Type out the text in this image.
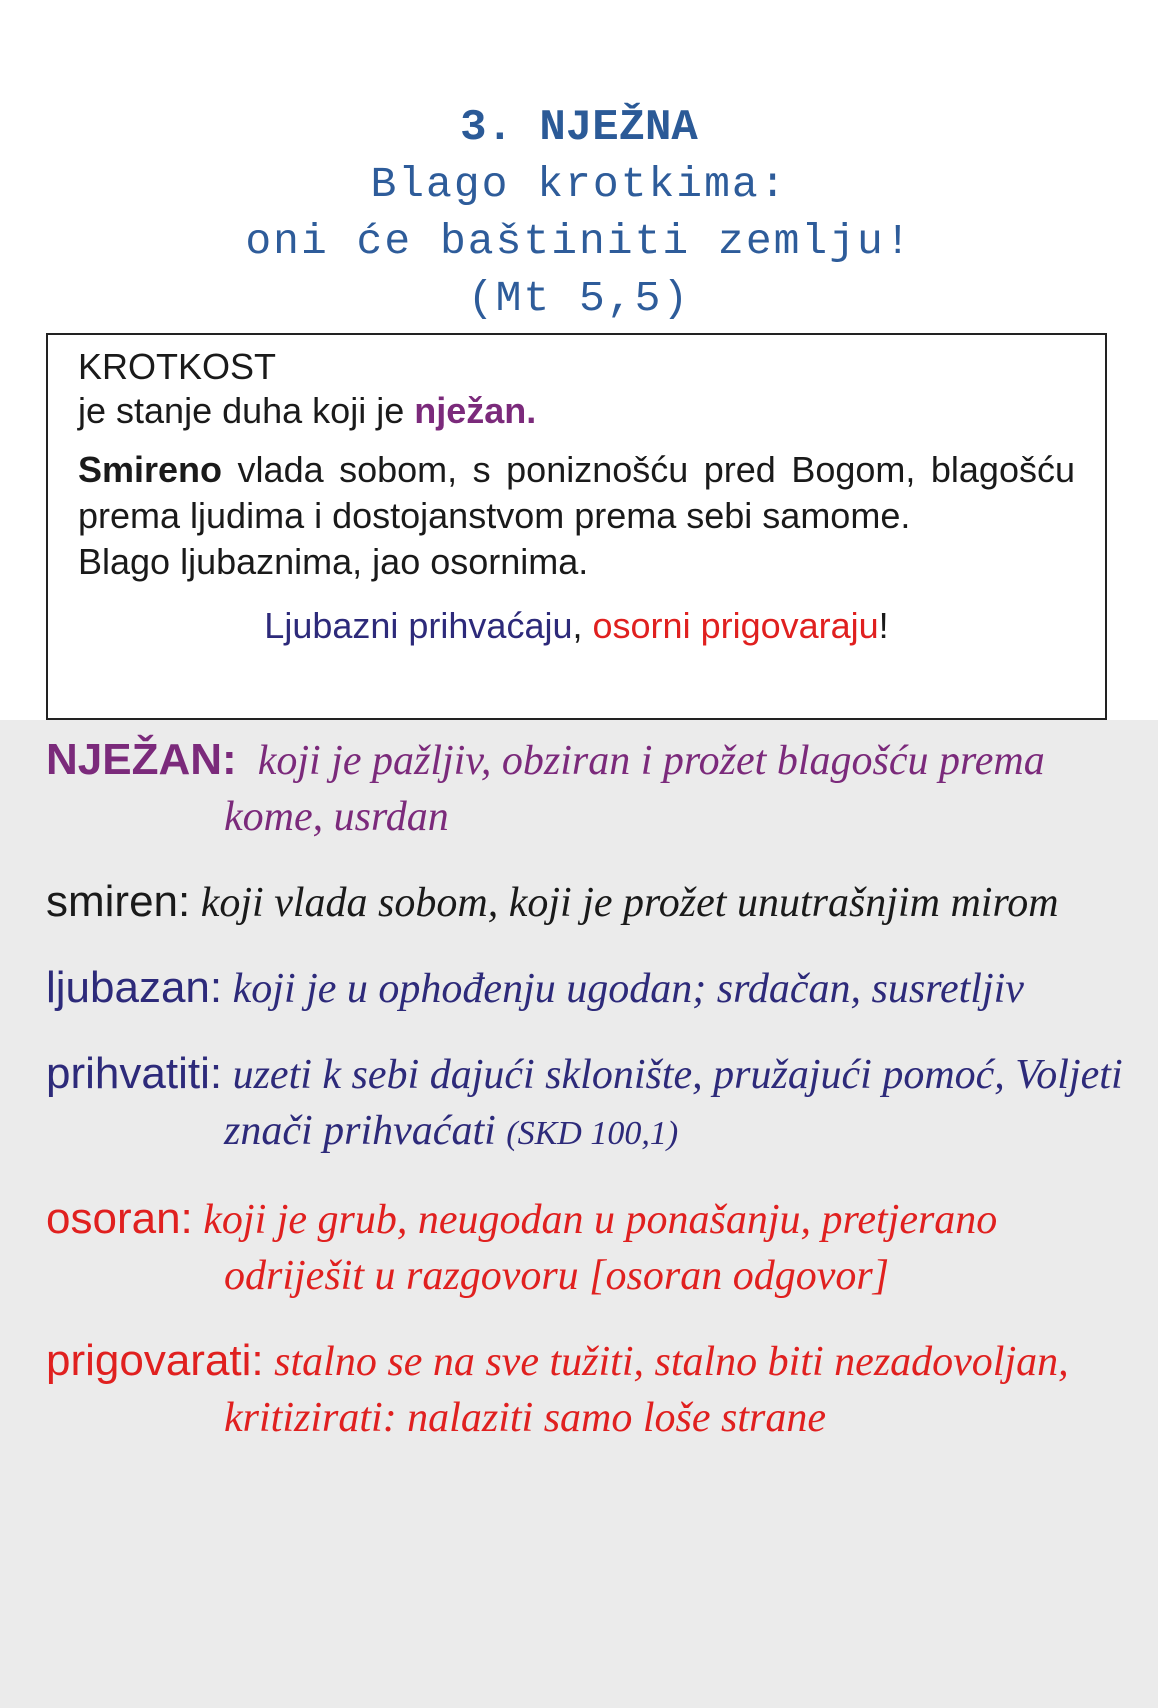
3. NJEŽNA
Blago krotkima:
oni će baštiniti zemlju!
(Mt 5,5)
KROTKOST
je stanje duha koji je nježan.
Smireno vlada sobom, s poniznošću pred Bogom, blagošću prema ljudima i dostojanstvom prema sebi samome.
Blago ljubaznima, jao osornima.
Ljubazni prihvaćaju, osorni prigovaraju!
NJEŽAN: koji je pažljiv, obziran i prožet blagošću prema kome, usrdan
smiren: koji vlada sobom, koji je prožet unutrašnjim mirom
ljubazan: koji je u ophođenju ugodan; srdačan, susretljiv
prihvatiti: uzeti k sebi dajući sklonište, pružajući pomoć, Voljeti znači prihvaćati (SKD 100,1)
osoran: koji je grub, neugodan u ponašanju, pretjerano odriješit u razgovoru [osoran odgovor]
prigovarati: stalno se na sve tužiti, stalno biti nezadovoljan, kritizirati: nalaziti samo loše strane
